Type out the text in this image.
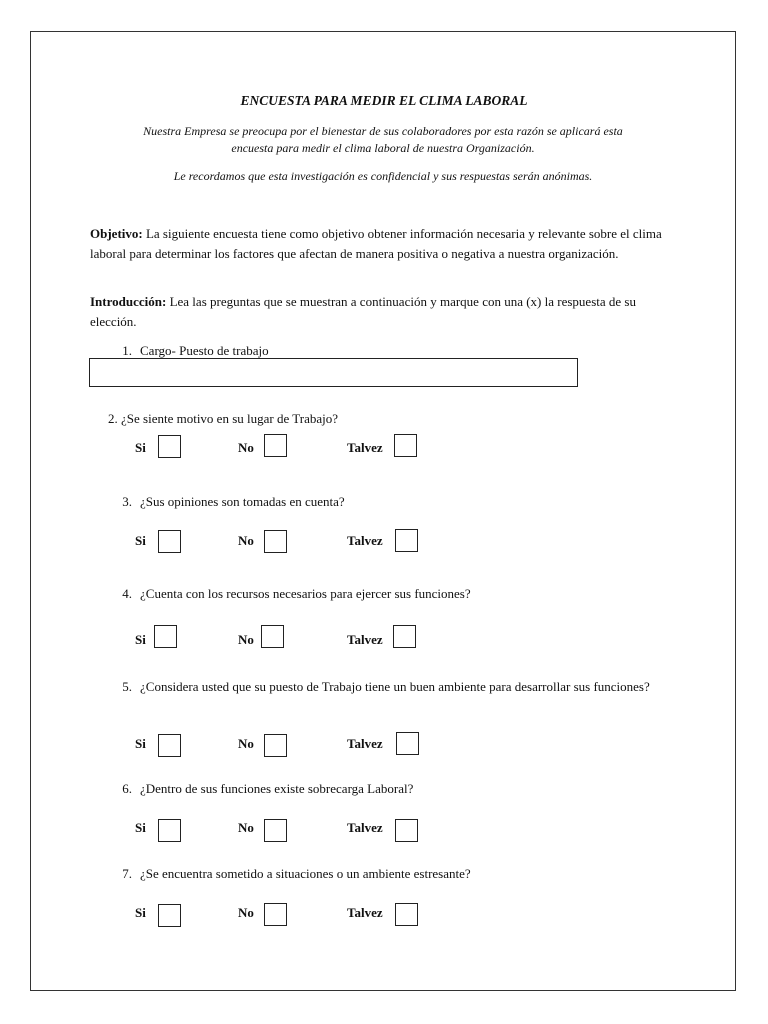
ENCUESTA PARA MEDIR EL CLIMA LABORAL
Nuestra Empresa se preocupa por el bienestar de sus colaboradores por esta razón se aplicará esta
encuesta para medir el clima laboral de nuestra Organización.
Le recordamos que esta investigación es confidencial y sus respuestas serán anónimas.
Objetivo: La siguiente encuesta tiene como objetivo obtener información necesaria y relevante sobre el clima laboral para determinar los factores que afectan de manera positiva o negativa a nuestra organización.
Introducción: Lea las preguntas que se muestran a continuación y marque con una (x) la respuesta de su elección.
1. Cargo- Puesto de trabajo
2. ¿Se siente motivo en su lugar de Trabajo?
Si	No	Talvez
3. ¿Sus opiniones son tomadas en cuenta?
Si	No	Talvez
4. ¿Cuenta con los recursos necesarios para ejercer sus funciones?
Si	No	Talvez
5. ¿Considera usted que su puesto de Trabajo tiene un buen ambiente para desarrollar sus funciones?
Si	No	Talvez
6. ¿Dentro de sus funciones existe sobrecarga Laboral?
Si	No	Talvez
7. ¿Se encuentra sometido a situaciones o un ambiente estresante?
Si	No	Talvez
